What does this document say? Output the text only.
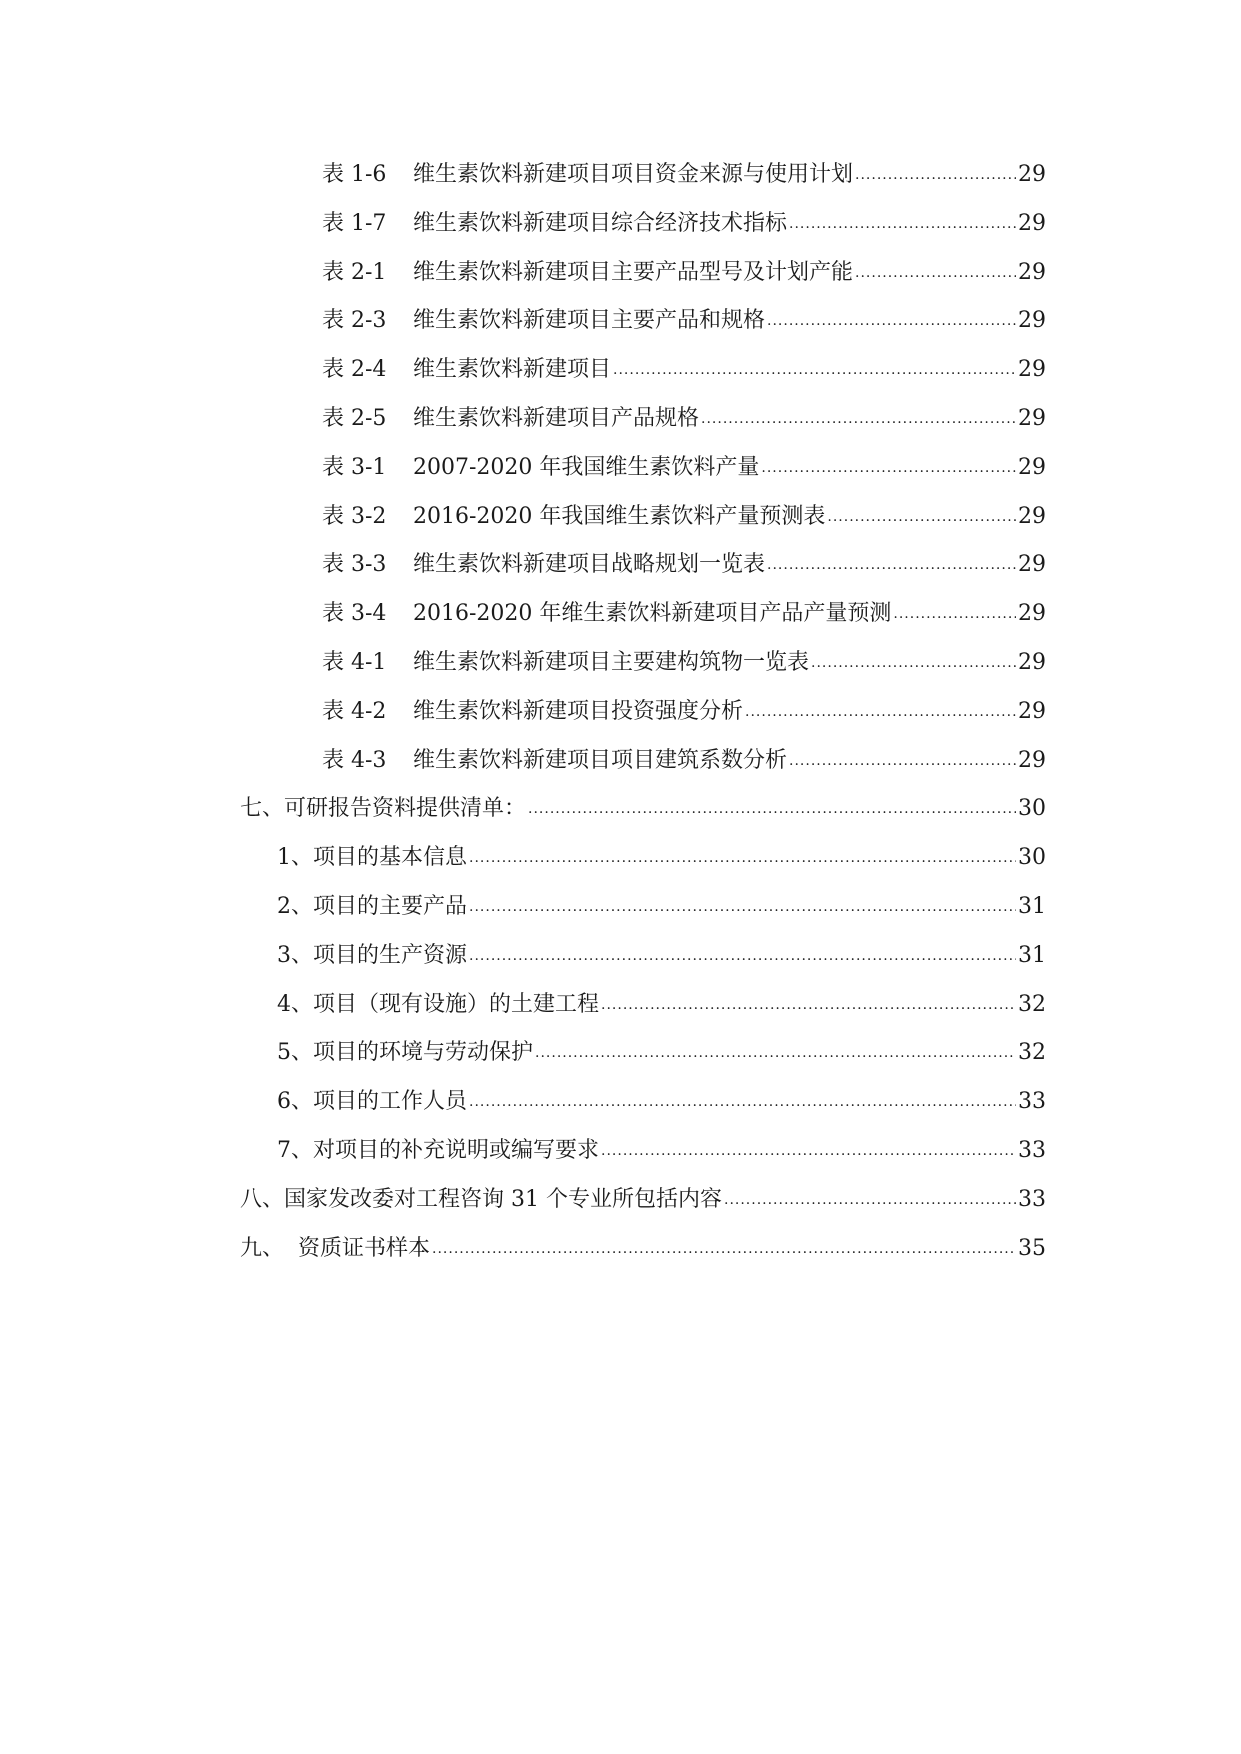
表 1-6	维生素饮料新建项目项目资金来源与使用计划 .....	29
表 1-7	维生素饮料新建项目综合经济技术指标 .....	29
表 2-1	维生素饮料新建项目主要产品型号及计划产能 .....	29
表 2-3	维生素饮料新建项目主要产品和规格 .....	29
表 2-4	维生素饮料新建项目 .....	29
表 2-5	维生素饮料新建项目产品规格 .....	29
表 3-1	2007-2020 年我国维生素饮料产量 .....	29
表 3-2	2016-2020 年我国维生素饮料产量预测表 .....	29
表 3-3	维生素饮料新建项目战略规划一览表 .....	29
表 3-4	2016-2020 年维生素饮料新建项目产品产量预测 .....	29
表 4-1	维生素饮料新建项目主要建构筑物一览表 .....	29
表 4-2	维生素饮料新建项目投资强度分析 .....	29
表 4-3	维生素饮料新建项目项目建筑系数分析 .....	29
七、 可研报告资料提供清单： .....	30
1、 项目的基本信息 .....	30
2、 项目的主要产品 .....	31
3、 项目的生产资源 .....	31
4、 项目（现有设施）的土建工程 .....	32
5、 项目的环境与劳动保护 .....	32
6、 项目的工作人员 .....	33
7、 对项目的补充说明或编写要求 .....	33
八、 国家发改委对工程咨询 31 个专业所包括内容 .....	33
九、 资质证书样本 .....	35
